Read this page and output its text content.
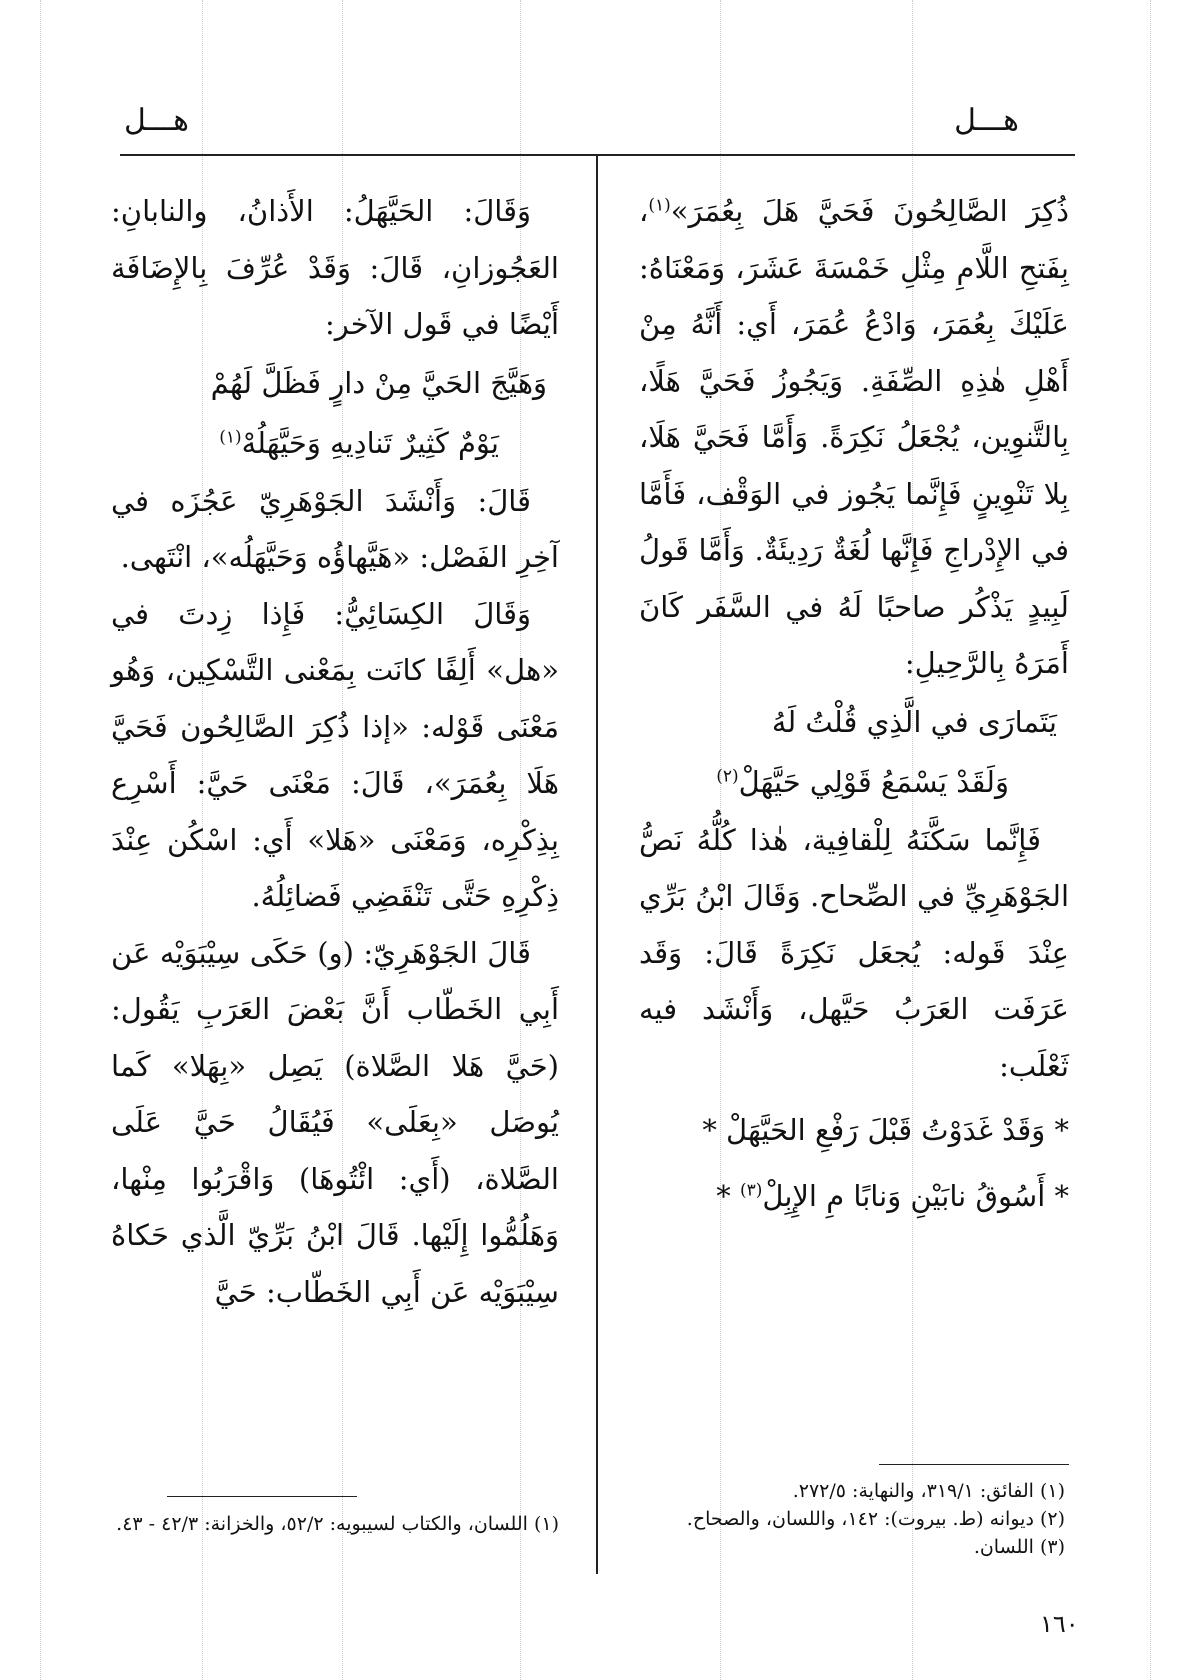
هـــل
هـــل

ذُكِرَ الصَّالِحُونَ فَحَيَّ هَلَ بِعُمَرَ»$^{(١)}$، بِفَتحِ اللَّامِ مِثْلِ خَمْسَةَ عَشَرَ، وَمَعْنَاهُ: عَلَيْكَ بِعُمَرَ، وَادْعُ عُمَرَ، أَي: أَنَّهُ مِنْ أَهْلِ هٰذِهِ الصِّفَةِ. وَيَجُوزُ فَحَيَّ هَلًا، بِالتَّنوِين، يُجْعَلُ نَكِرَةً. وَأَمَّا فَحَيَّ هَلَا، بِلا تَنْوِينٍ فَإِنَّما يَجُوز في الوَقْف، فَأَمَّا في الإِدْراجِ فَإِنَّها لُغَةٌ رَدِيئَةٌ. وَأَمَّا قَولُ لَبِيدٍ يَذْكُر صاحبًا لَهُ في السَّفَر كَانَ أَمَرَهُ بِالرَّحِيلِ:

يَتَمارَى في الَّذِي قُلْتُ لَهُ

وَلَقَدْ يَسْمَعُ قَوْلِي حَيَّهَلْ$^{(٢)}$

فَإِنَّما سَكَّنَهُ لِلْقافِية، هٰذا كُلُّهُ نَصُّ الجَوْهَرِيِّ في الصِّحاح. وَقَالَ ابْنُ بَرِّي عِنْدَ قَوله: يُجعَل نَكِرَةً قَالَ: وَقَد عَرَفَت العَرَبُ حَيَّهل، وَأَنْشَد فيه ثَعْلَب:

* وَقَدْ غَدَوْتُ قَبْلَ رَفْعِ الحَيَّهَلْ *

* أَسُوقُ نابَيْنِ وَنابًا مِ الإِبِلْ$^{(٣)}$ *

وَقَالَ: الحَيَّهَلُ: الأَذانُ، والنابانِ: العَجُوزانِ، قَالَ: وَقَدْ عُرِّفَ بِالإِضَافَة أَيْضًا في قَول الآخر:

وَهَيَّجَ الحَيَّ مِنْ دارٍ فَظَلَّ لَهُمْ

يَوْمٌ كَثِيرٌ تَنادِيهِ وَحَيَّهَلُهْ$^{(١)}$

قَالَ: وَأَنْشَدَ الجَوْهَرِيّ عَجُزَه في آخِرِ الفَصْل: «هَيَّهاؤُه وَحَيَّهَلُه»، انْتَهى.

وَقَالَ الكِسَائِيُّ: فَإِذا زِدتَ في «هل» أَلِفًا كانَت بِمَعْنى التَّسْكِين، وَهُو مَعْنَى قَوْله: «إذا ذُكِرَ الصَّالِحُون فَحَيَّ هَلَا بِعُمَرَ»، قَالَ: مَعْنَى حَيَّ: أَسْرِع بِذِكْرِه، وَمَعْنَى «هَلا» أَي: اسْكُن عِنْدَ ذِكْرِهِ حَتَّى تَنْقَضِي فَضائِلُهُ.

قَالَ الجَوْهَرِيّ: (و) حَكَى سِيْبَوَيْه عَن أَبِي الخَطّاب أَنَّ بَعْضَ العَرَبِ يَقُول: (حَيَّ هَلا الصَّلاة) يَصِل «بِهَلا» كَما يُوصَل «بِعَلَى» فَيُقَالُ حَيَّ عَلَى الصَّلاة، (أَي: ائْتُوهَا) وَاقْرَبُوا مِنْها، وَهَلُمُّوا إِلَيْها. قَالَ ابْنُ بَرِّيّ الَّذي حَكاهُ سِيْبَوَيْه عَن أَبِي الخَطّاب: حَيَّ

(١) الفائق: ٣١٩/١، والنهاية: ٢٧٢/٥.

(٢) ديوانه (ط. بيروت): ١٤٢، واللسان، والصحاح.

(٣) اللسان.

(١) اللسان، والكتاب لسيبويه: ٥٢/٢، والخزانة: ٤٢/٣ - ٤٣.

١٦٠
